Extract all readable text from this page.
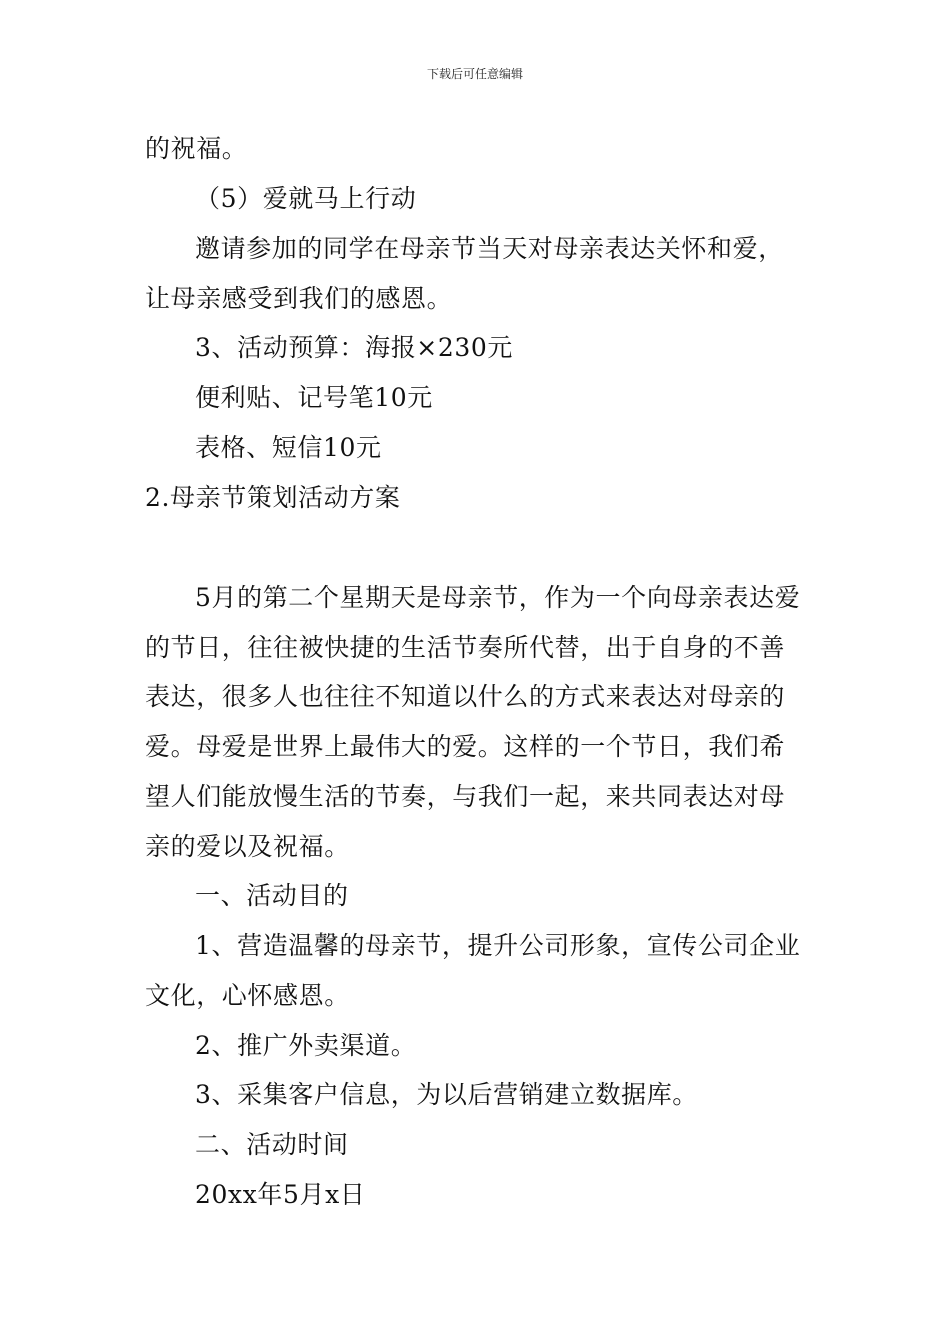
下载后可任意编辑
的祝福。
（5）爱就马上行动
邀请参加的同学在母亲节当天对母亲表达关怀和爱，
让母亲感受到我们的感恩。
3、活动预算：海报×230元
便利贴、记号笔10元
表格、短信10元
2.母亲节策划活动方案
5月的第二个星期天是母亲节，作为一个向母亲表达爱
的节日，往往被快捷的生活节奏所代替，出于自身的不善
表达，很多人也往往不知道以什么的方式来表达对母亲的
爱。母爱是世界上最伟大的爱。这样的一个节日，我们希
望人们能放慢生活的节奏，与我们一起，来共同表达对母
亲的爱以及祝福。
一、活动目的
1、营造温馨的母亲节，提升公司形象，宣传公司企业
文化，心怀感恩。
2、推广外卖渠道。
3、采集客户信息，为以后营销建立数据库。
二、活动时间
20xx年5月x日
